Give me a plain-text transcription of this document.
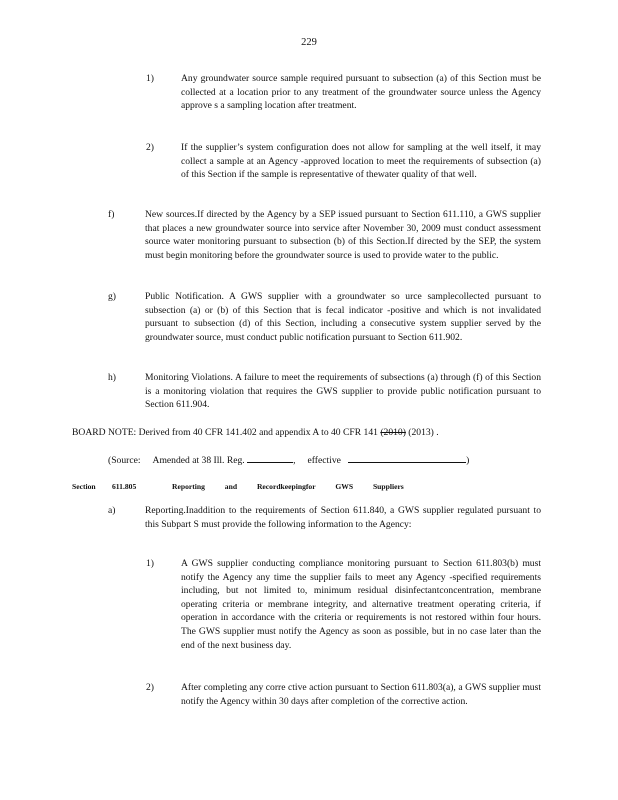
229
1)	Any groundwater source sample required pursuant to subsection (a) of this Section must be collected at a location prior to any treatment of the groundwater source unless the Agency approve s a sampling location after treatment.
2)	If the supplier’s system configuration does not allow for sampling at the well itself, it may collect a sample at an Agency -approved location to meet the requirements of subsection (a) of this Section if the sample is representative of thewater quality of that well.
f)	New sources.If directed by the Agency by a SEP issued pursuant to Section 611.110, a GWS supplier that places a new groundwater source into service after November 30, 2009 must conduct assessment source water monitoring pursuant to subsection (b) of this Section.If directed by the SEP, the system must begin monitoring before the groundwater source is used to provide water to the public.
g)	Public Notification. A GWS supplier with a groundwater so urce samplecollected pursuant to subsection (a) or (b) of this Section that is fecal indicator -positive and which is not invalidated pursuant to subsection (d) of this Section, including a consecutive system supplier served by the groundwater source, must conduct public notification pursuant to Section 611.902.
h)	Monitoring Violations. A failure to meet the requirements of subsections (a) through (f) of this Section is a monitoring violation that requires the GWS supplier to provide public notification pursuant to Section 611.904.
BOARD NOTE: Derived from 40 CFR 141.402 and appendix A to 40 CFR 141 (2010) (2013) .
(Source: Amended at 38 Ill. Reg.	,     effective	)
Section 611.805	Reporting and Recordkeepingfor GWS Suppliers
a)	Reporting.Inaddition to the requirements of Section 611.840, a GWS supplier regulated pursuant to this Subpart S must provide the following information to the Agency:
1)	A GWS supplier conducting compliance monitoring pursuant to Section 611.803(b) must notify the Agency any time the supplier fails to meet any Agency -specified requirements including, but not limited to, minimum residual disinfectantconcentration, membrane operating criteria or membrane integrity, and alternative treatment operating criteria, if operation in accordance with the criteria or requirements is not restored within four hours. The GWS supplier must notify the Agency as soon as possible, but in no case later than the end of the next business day.
2)	After completing any corre ctive action pursuant to Section 611.803(a), a GWS supplier must notify the Agency within 30 days after completion of the corrective action.
